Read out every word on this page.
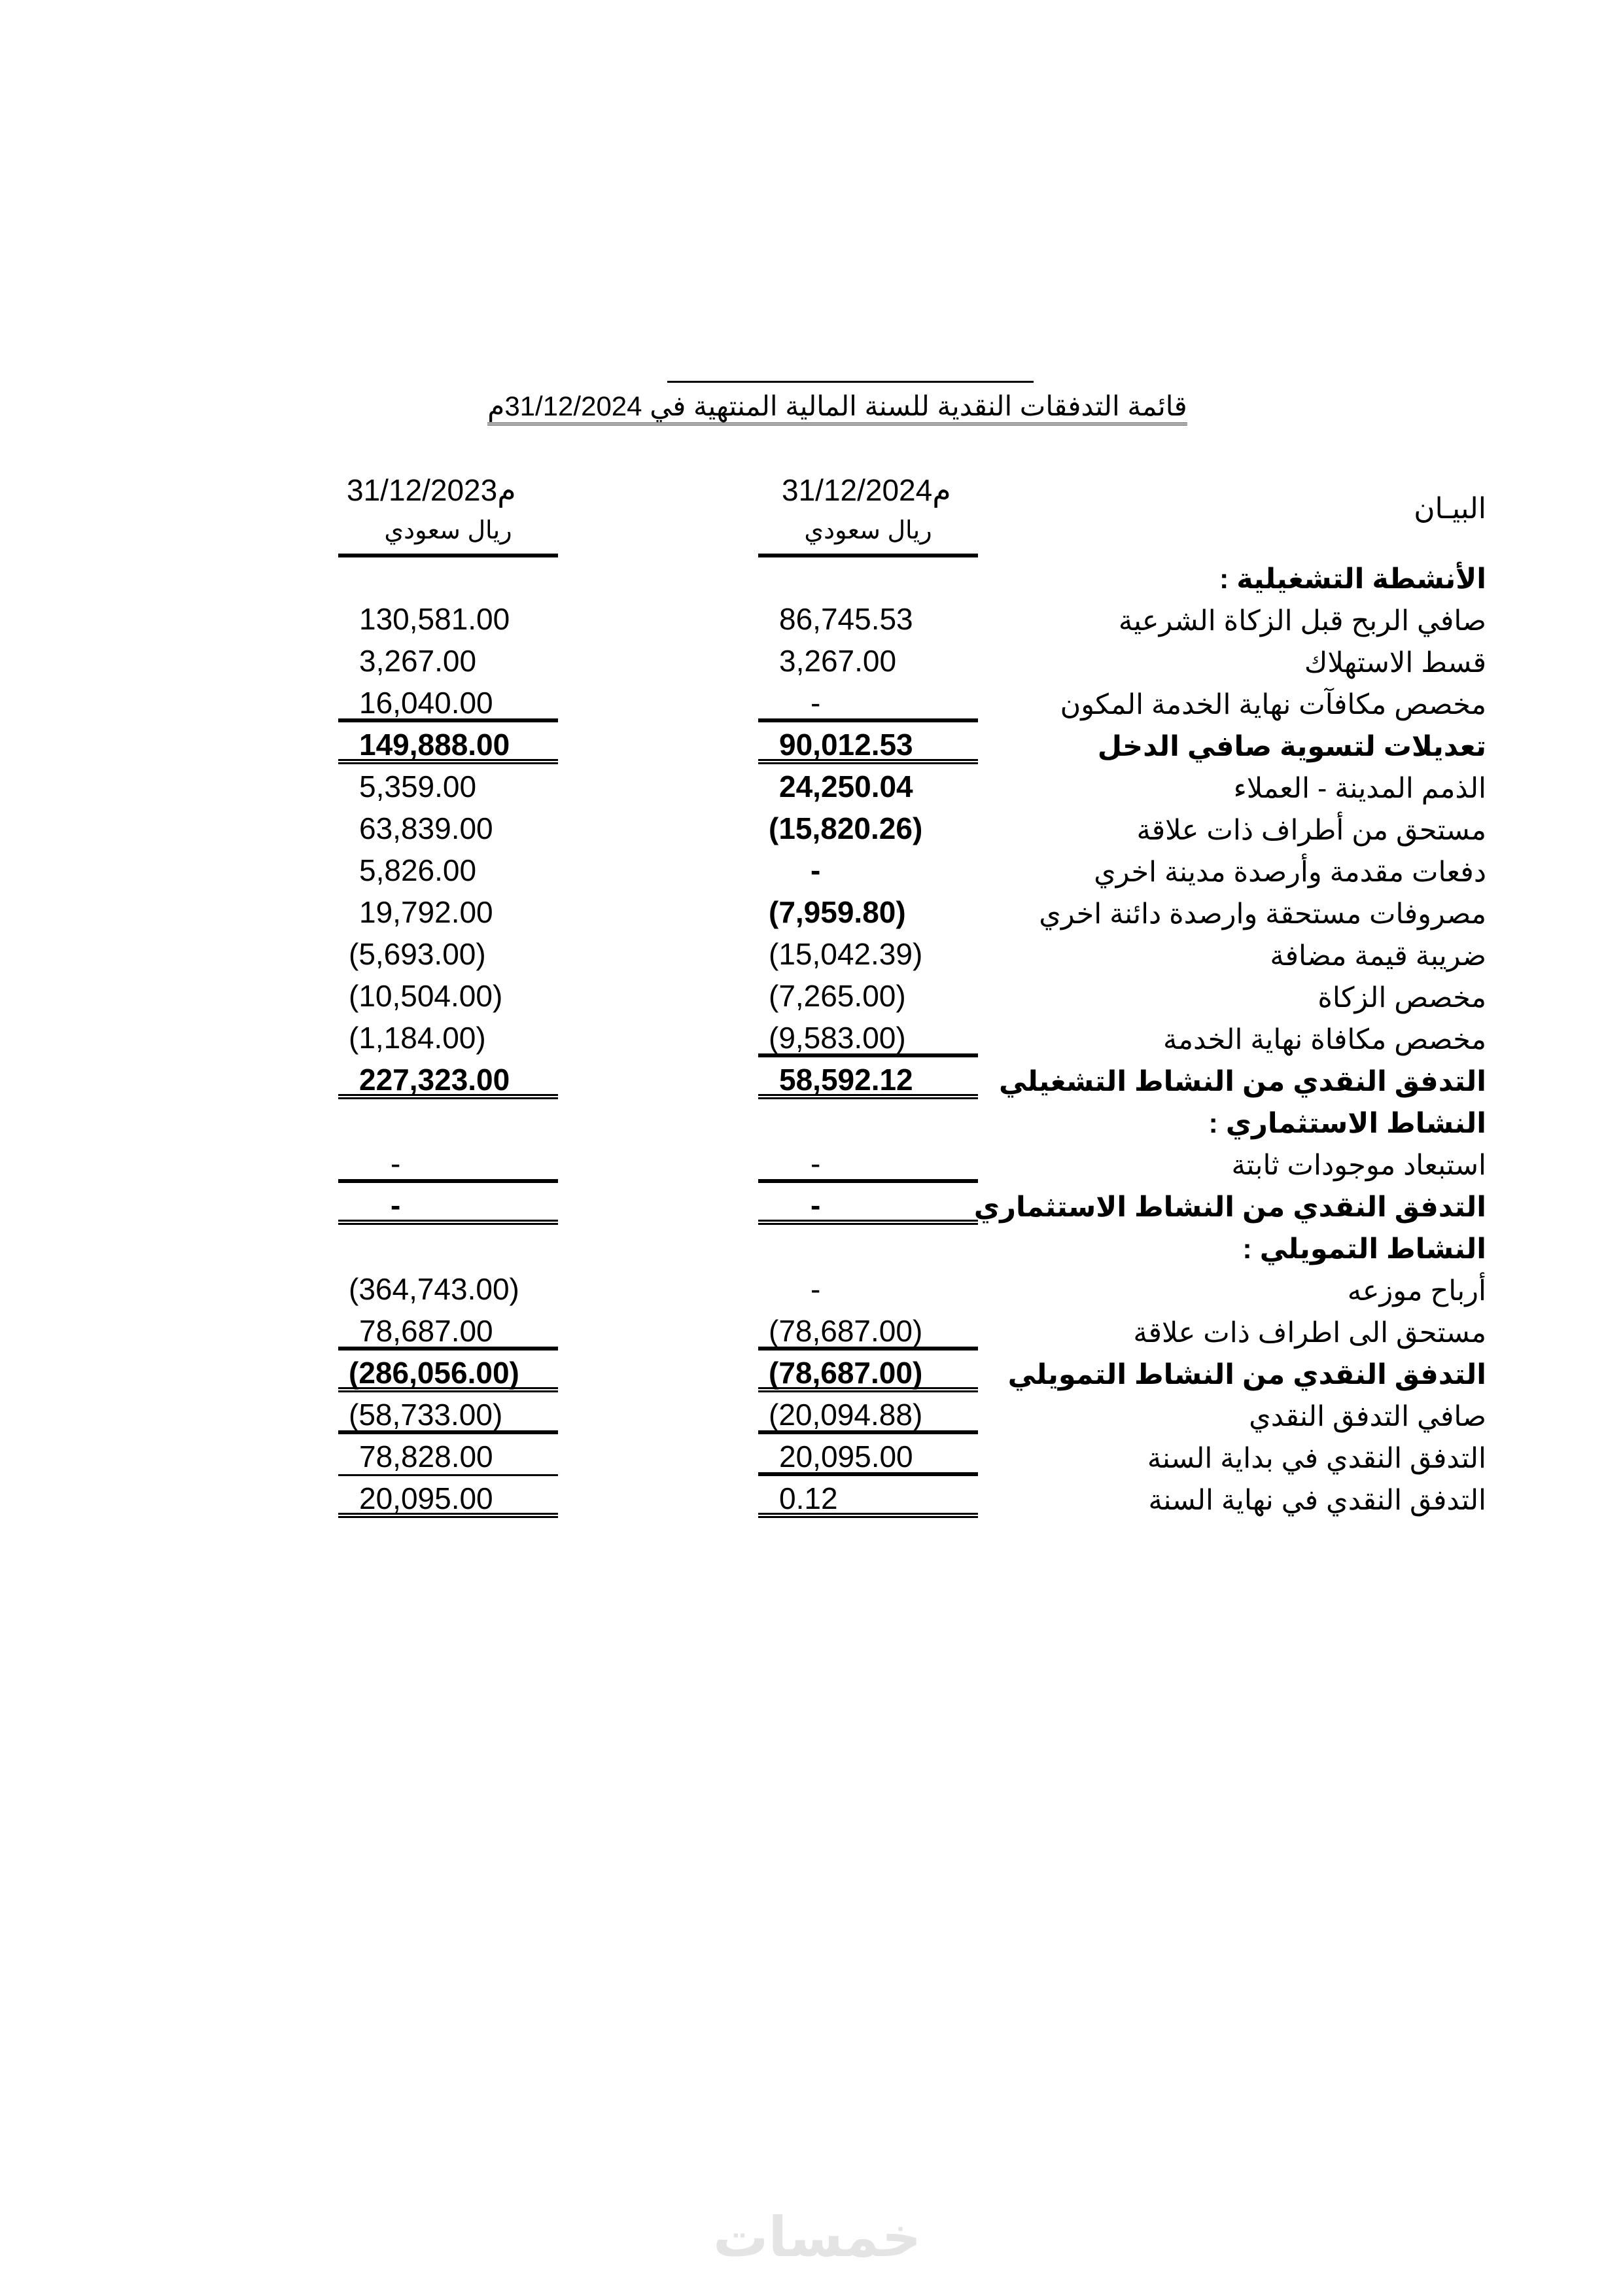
قائمة التدفقات النقدية للسنة المالية المنتهية في 31/12/2024م
البيـان
31/12/2024م
31/12/2023م
ريال سعودي
ريال سعودي
الأنشطة التشغيلية :
صافي الربح قبل الزكاة الشرعية
86,745.53
130,581.00
قسط الاستهلاك
3,267.00
3,267.00
مخصص مكافآت نهاية الخدمة المكون
-
16,040.00
تعديلات لتسوية صافي الدخل
90,012.53
149,888.00
الذمم المدينة - العملاء
24,250.04
5,359.00
مستحق من أطراف ذات علاقة
(15,820.26)
63,839.00
دفعات مقدمة وأرصدة مدينة اخري
-
5,826.00
مصروفات مستحقة وارصدة دائنة اخري
(7,959.80)
19,792.00
ضريبة قيمة مضافة
(15,042.39)
(5,693.00)
مخصص الزكاة
(7,265.00)
(10,504.00)
مخصص مكافاة نهاية الخدمة
(9,583.00)
(1,184.00)
التدفق النقدي من النشاط التشغيلي
58,592.12
227,323.00
النشاط الاستثماري :
استبعاد موجودات ثابتة
-
-
التدفق النقدي من النشاط الاستثماري
-
-
النشاط التمويلي :
أرباح موزعه
-
(364,743.00)
مستحق الى اطراف ذات علاقة
(78,687.00)
78,687.00
التدفق النقدي من النشاط التمويلي
(78,687.00)
(286,056.00)
صافي التدفق النقدي
(20,094.88)
(58,733.00)
التدفق النقدي في بداية السنة
20,095.00
78,828.00
التدفق النقدي في نهاية السنة
0.12
20,095.00
خمسات
